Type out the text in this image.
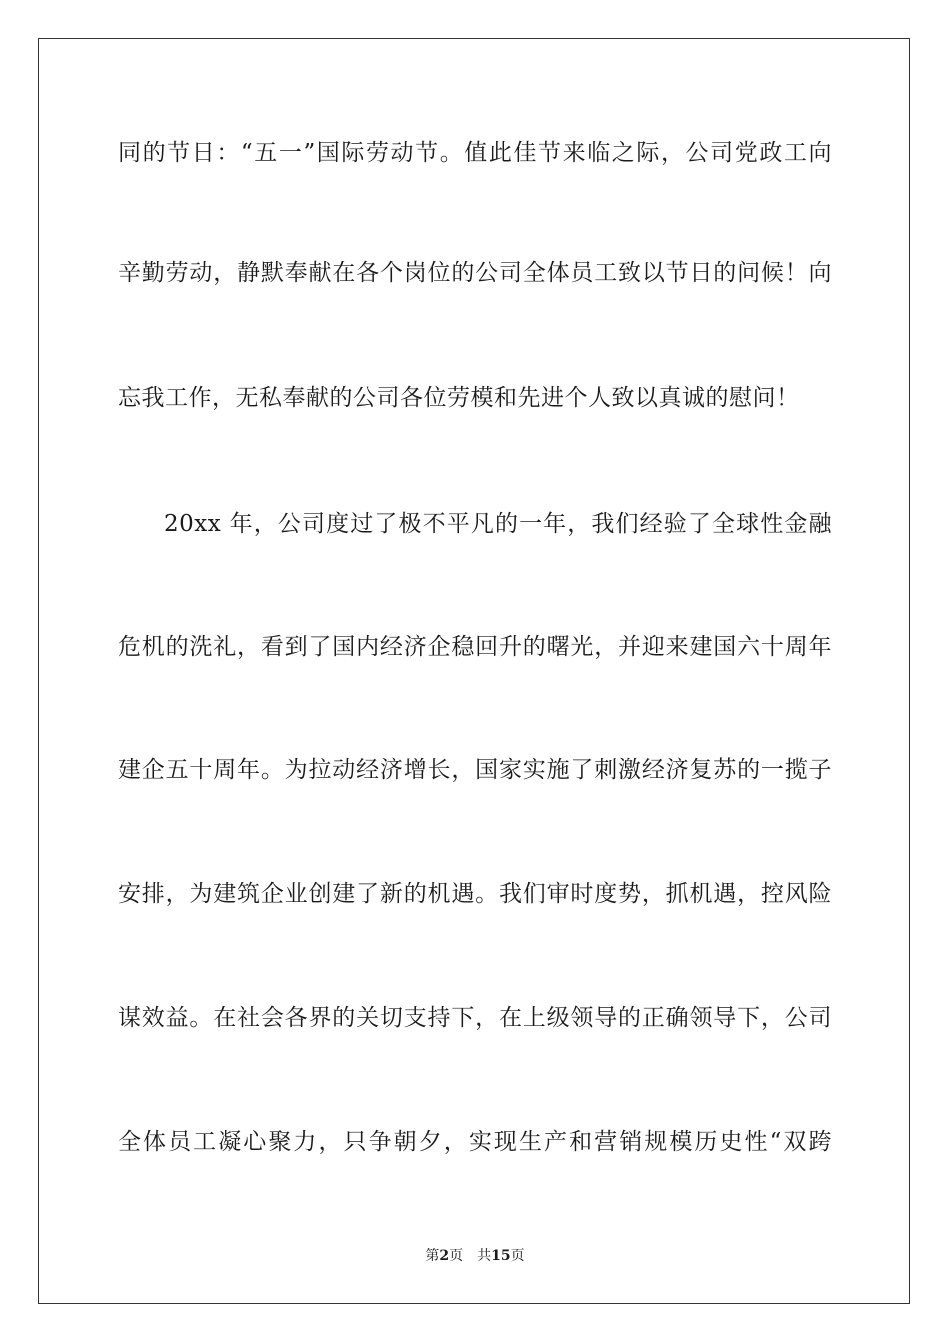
同的节日：“五一”国际劳动节。值此佳节来临之际，公司党政工向
辛勤劳动，静默奉献在各个岗位的公司全体员工致以节日的问候！向
忘我工作，无私奉献的公司各位劳模和先进个人致以真诚的慰问！
20xx 年，公司度过了极不平凡的一年，我们经验了全球性金融
危机的洗礼，看到了国内经济企稳回升的曙光，并迎来建国六十周年
建企五十周年。为拉动经济增长，国家实施了刺激经济复苏的一揽子
安排，为建筑企业创建了新的机遇。我们审时度势，抓机遇，控风险
谋效益。在社会各界的关切支持下，在上级领导的正确领导下，公司
全体员工凝心聚力，只争朝夕，实现生产和营销规模历史性“双跨
第2页 共15页
